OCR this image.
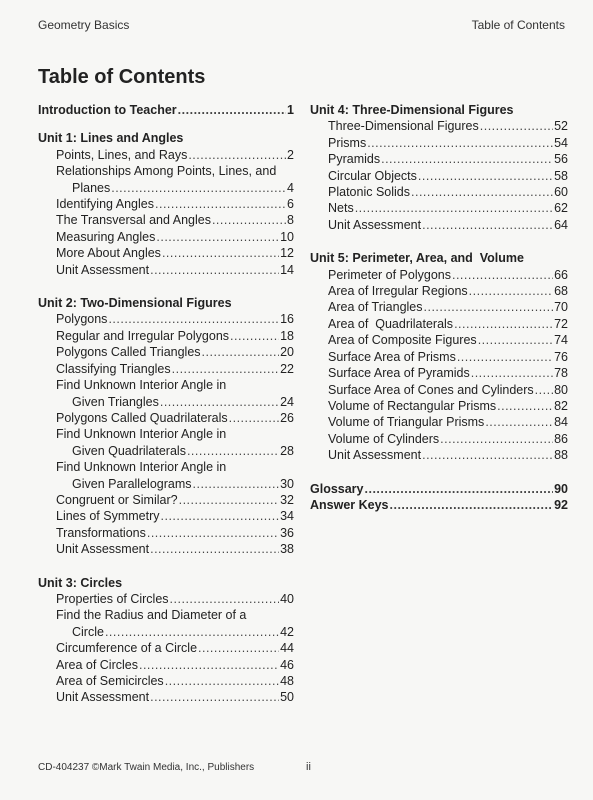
Geometry Basics	Table of Contents
Table of Contents
Introduction to Teacher .....	1
Unit 1: Lines and Angles
Points, Lines, and Rays .....	2
Relationships Among Points, Lines, and
Planes .....	4
Identifying Angles .....	6
The Transversal and Angles .....	8
Measuring Angles .....	10
More About Angles .....	12
Unit Assessment .....	14
Unit 2: Two-Dimensional Figures
Polygons .....	16
Regular and Irregular Polygons .....	18
Polygons Called Triangles .....	20
Classifying Triangles .....	22
Find Unknown Interior Angle in
Given Triangles .....	24
Polygons Called Quadrilaterals .....	26
Find Unknown Interior Angle in
Given Quadrilaterals .....	28
Find Unknown Interior Angle in
Given Parallelograms .....	30
Congruent or Similar? .....	32
Lines of Symmetry .....	34
Transformations .....	36
Unit Assessment .....	38
Unit 3: Circles
Properties of Circles .....	40
Find the Radius and Diameter of a
Circle .....	42
Circumference of a Circle .....	44
Area of Circles .....	46
Area of Semicircles .....	48
Unit Assessment .....	50
Unit 4: Three-Dimensional Figures
Three-Dimensional Figures .....	52
Prisms .....	54
Pyramids .....	56
Circular Objects .....	58
Platonic Solids .....	60
Nets .....	62
Unit Assessment .....	64
Unit 5: Perimeter, Area, and  Volume
Perimeter of Polygons .....	66
Area of Irregular Regions .....	68
Area of Triangles .....	70
Area of  Quadrilaterals .....	72
Area of Composite Figures .....	74
Surface Area of Prisms .....	76
Surface Area of Pyramids .....	78
Surface Area of Cones and Cylinders ..... 80
Volume of Rectangular Prisms .....	82
Volume of Triangular Prisms .....	84
Volume of Cylinders .....	86
Unit Assessment .....	88
Glossary .....	90
Answer Keys .....	92
CD-404237 ©Mark Twain Media, Inc., Publishers	ii
